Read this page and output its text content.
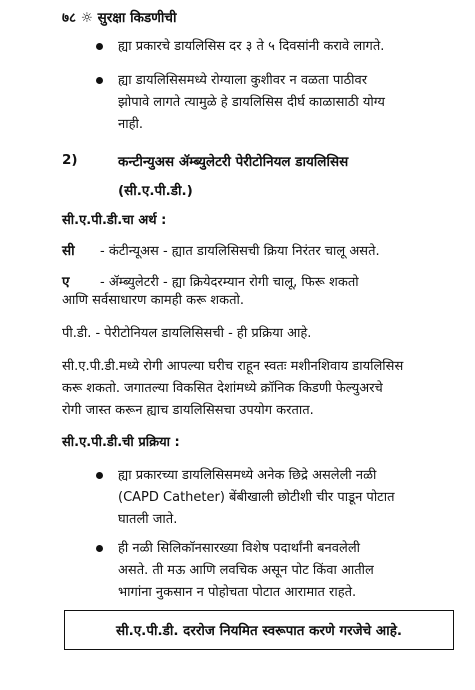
७८ ☼ सुरक्षा किडणीची
ह्या प्रकारचे डायलिसिस दर ३ ते ५ दिवसांनी करावे लागते.
ह्या डायलिसिसमध्ये रोग्याला कुशीवर न वळता पाठीवर
झोपावे लागते त्यामुळे हे डायलिसिस दीर्घ काळासाठी योग्य
नाही.
2)	कन्टीन्युअस ॲम्ब्युलेटरी पेरीटोनियल डायलिसिस
(सी.ए.पी.डी.)
सी.ए.पी.डी.चा अर्थ :
सी - कंटीन्यूअस - ह्यात डायलिसिसची क्रिया निरंतर चालू असते.
ए - ॲम्ब्युलेटरी - ह्या क्रियेदरम्यान रोगी चालू, फिरू शकतो
आणि सर्वसाधारण कामही करू शकतो.
पी.डी. - पेरीटोनियल डायलिसिसची - ही प्रक्रिया आहे.
सी.ए.पी.डी.मध्ये रोगी आपल्या घरीच राहून स्वतः मशीनशिवाय डायलिसिस
करू शकतो. जगातल्या विकसित देशांमध्ये क्रॉनिक किडणी फेल्युअरचे
रोगी जास्त करून ह्याच डायलिसिसचा उपयोग करतात.
सी.ए.पी.डी.ची प्रक्रिया :
ह्या प्रकारच्या डायलिसिसमध्ये अनेक छिद्रे असलेली नळी
(CAPD Catheter) बेंबीखाली छोटीशी चीर पाडून पोटात
घातली जाते.
ही नळी सिलिकॉनसारख्या विशेष पदार्थांनी बनवलेली
असते. ती मऊ आणि लवचिक असून पोट किंवा आतील
भागांना नुकसान न पोहोचता पोटात आरामात राहते.
सी.ए.पी.डी. दररोज नियमित स्वरूपात करणे गरजेचे आहे.
